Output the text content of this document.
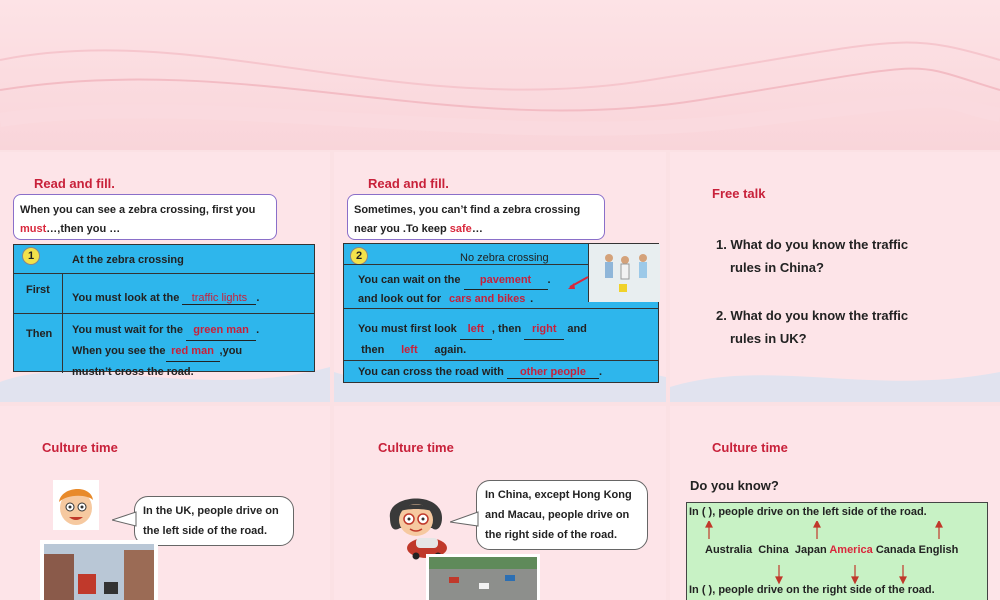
Read and fill.
When you can see a zebra crossing, first you
must…,then you …
1	At the zebra crossing
First
You must look at the traffic lights .
Then You must wait for the green man .
When you see the red man ,you
mustn’t cross the road.
Read and fill.
Sometimes, you can’t find a zebra crossing
near you .To keep safe…
2	No zebra crossing
You can wait on the pavement .
and look out for cars and bikes .
You must first look left , then right and
then left again.
You can cross the road with other people .
Free talk
1. What do you know the traffic
rules in China?
2. What do you know the traffic
rules in UK?
Culture time
In the UK, people drive on
the left side of the road.
Culture time
In China, except Hong Kong
and Macau, people drive on
the right side of the road.
Culture time
Do you know?
In ( ), people drive on the left side of the road.
Australia China Japan America Canada English
In ( ), people drive on the right side of the road.
